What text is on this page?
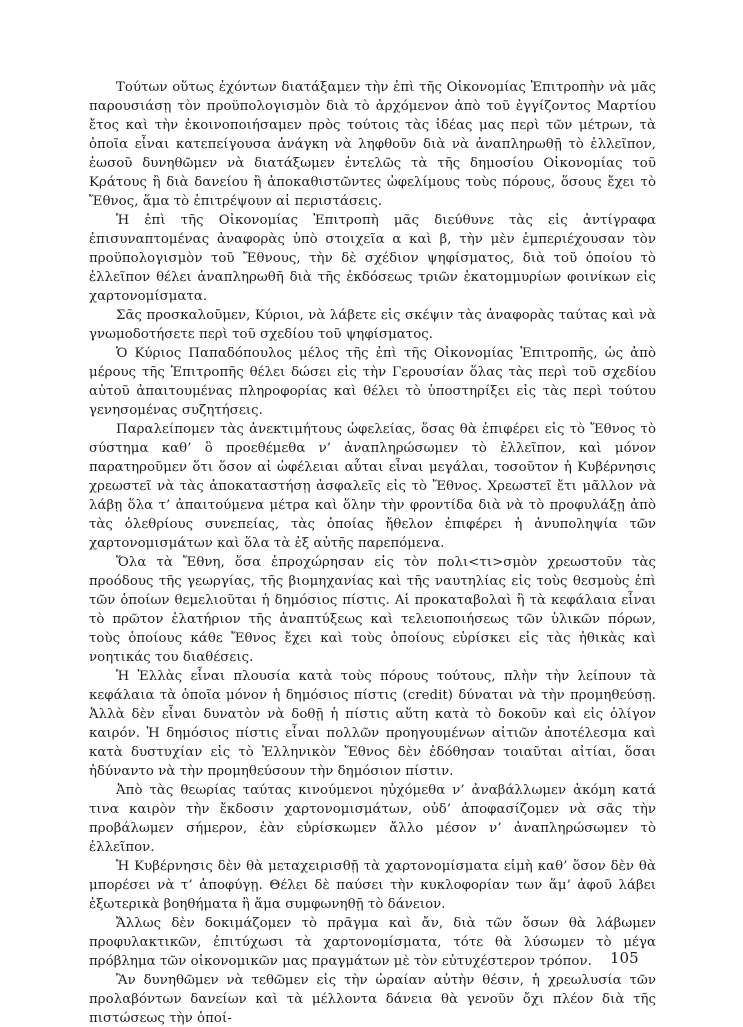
Τούτων οὕτως ἐχόντων διατάξαμεν τὴν ἐπὶ τῆς Οἰκονομίας Ἐπιτροπὴν νὰ μᾶς παρουσιάσῃ τὸν προϋπολογισμὸν διὰ τὸ ἀρχόμενον ἀπὸ τοῦ ἐγγίζοντος Μαρτίου ἔτος καὶ τὴν ἐκοινοποιήσαμεν πρὸς τούτοις τὰς ἰδέας μας περὶ τῶν μέτρων, τὰ ὁποῖα εἶναι κατεπείγουσα ἀνάγκη νὰ ληφθοῦν διὰ νὰ ἀναπληρωθῇ τὸ ἐλλεῖπον, ἑωσοῦ δυνηθῶμεν νὰ διατάξωμεν ἐντελῶς τὰ τῆς δημοσίου Οἰκονομίας τοῦ Κράτους ἢ διὰ δανείου ἢ ἀποκαθιστῶντες ὠφελίμους τοὺς πόρους, ὅσους ἔχει τὸ Ἔθνος, ἅμα τὸ ἐπιτρέψουν αἱ περιστάσεις.

Ἡ ἐπὶ τῆς Οἰκονομίας Ἐπιτροπὴ μᾶς διεύθυνε τὰς εἰς ἀντίγραφα ἐπισυναπτομένας ἀναφορὰς ὑπὸ στοιχεῖα α καὶ β, τὴν μὲν ἐμπεριέχουσαν τὸν προϋπολογισμὸν τοῦ Ἔθνους, τὴν δὲ σχέδιον ψηφίσματος, διὰ τοῦ ὁποίου τὸ ἐλλεῖπον θέλει ἀναπληρωθῆ διὰ τῆς ἐκδόσεως τριῶν ἑκατομμυρίων φοινίκων εἰς χαρτονομίσματα.

Σᾶς προσκαλοῦμεν, Κύριοι, νὰ λάβετε εἰς σκέψιν τὰς ἀναφορὰς ταύτας καὶ νὰ γνωμοδοτήσετε περὶ τοῦ σχεδίου τοῦ ψηφίσματος.

Ὁ Κύριος Παπαδόπουλος μέλος τῆς ἐπὶ τῆς Οἰκονομίας Ἐπιτροπῆς, ὡς ἀπὸ μέρους τῆς Ἐπιτροπῆς θέλει δώσει εἰς τὴν Γερουσίαν ὅλας τὰς περὶ τοῦ σχεδίου αὐτοῦ ἀπαιτουμένας πληροφορίας καὶ θέλει τὸ ὑποστηρίξει εἰς τὰς περὶ τούτου γενησομένας συζητήσεις.

Παραλείπομεν τὰς ἀνεκτιμήτους ὠφελείας, ὅσας θὰ ἐπιφέρει εἰς τὸ Ἔθνος τὸ σύστημα καθ’ ὃ προεθέμεθα ν’ ἀναπληρώσωμεν τὸ ἐλλεῖπον, καὶ μόνον παρατηροῦμεν ὅτι ὅσον αἱ ὠφέλειαι αὗται εἶναι μεγάλαι, τοσοῦτον ἡ Κυβέρνησις χρεωστεῖ νὰ τὰς ἀποκαταστήσῃ ἀσφαλεῖς εἰς τὸ Ἔθνος. Χρεωστεῖ ἔτι μᾶλλον νὰ λάβῃ ὅλα τ’ ἀπαιτούμενα μέτρα καὶ ὅλην τὴν φροντίδα διὰ νὰ τὸ προφυλάξῃ ἀπὸ τὰς ὀλεθρίους συνεπείας, τὰς ὁποίας ἤθελον ἐπιφέρει ἡ ἀνυποληψία τῶν χαρτονομισμάτων καὶ ὅλα τὰ ἐξ αὐτῆς παρεπόμενα.

Ὅλα τὰ Ἔθνη, ὅσα ἐπροχώρησαν εἰς τὸν πολι<τι>σμὸν χρεωστοῦν τὰς προόδους τῆς γεωργίας, τῆς βιομηχανίας καὶ τῆς ναυτηλίας εἰς τοὺς θεσμοὺς ἐπὶ τῶν ὁποίων θεμελιοῦται ἡ δημόσιος πίστις. Αἱ προκαταβολαὶ ἢ τὰ κεφάλαια εἶναι τὸ πρῶτον ἐλατήριον τῆς ἀναπτύξεως καὶ τελειοποιήσεως τῶν ὑλικῶν πόρων, τοὺς ὁποίους κάθε Ἔθνος ἔχει καὶ τοὺς ὁποίους εὑρίσκει εἰς τὰς ἠθικὰς καὶ νοητικάς του διαθέσεις.

Ἡ Ἑλλὰς εἶναι πλουσία κατὰ τοὺς πόρους τούτους, πλὴν τὴν λείπουν τὰ κεφάλαια τὰ ὁποῖα μόνον ἡ δημόσιος πίστις (credit) δύναται νὰ τὴν προμηθεύσῃ. Ἀλλὰ δὲν εἶναι δυνατὸν νὰ δοθῇ ἡ πίστις αὕτη κατὰ τὸ δοκοῦν καὶ εἰς ὀλίγον καιρόν. Ἡ δημόσιος πίστις εἶναι πολλῶν προηγουμένων αἰτιῶν ἀποτέλεσμα καὶ κατὰ δυστυχίαν εἰς τὸ Ἑλληνικὸν Ἔθνος δὲν ἐδόθησαν τοιαῦται αἰτίαι, ὅσαι ἠδύναντο νὰ τὴν προμηθεύσουν τὴν δημόσιον πίστιν.

Ἀπὸ τὰς θεωρίας ταύτας κινούμενοι ηὐχόμεθα ν’ ἀναβάλλωμεν ἀκόμη κατά τινα καιρὸν τὴν ἔκδοσιν χαρτονομισμάτων, οὐδ’ ἀποφασίζομεν νὰ σᾶς τὴν προβάλωμεν σήμερον, ἐὰν εὑρίσκωμεν ἄλλο μέσον ν’ ἀναπληρώσωμεν τὸ ἐλλεῖπον.

Ἡ Κυβέρνησις δὲν θὰ μεταχειρισθῇ τὰ χαρτονομίσματα εἰμὴ καθ’ ὅσον δὲν θὰ μπορέσει νὰ τ’ ἀποφύγῃ. Θέλει δὲ παύσει τὴν κυκλοφορίαν των ἅμ’ ἀφοῦ λάβει ἐξωτερικὰ βοηθήματα ἢ ἅμα συμφωνηθῇ τὸ δάνειον.

Ἄλλως δὲν δοκιμάζομεν τὸ πρᾶγμα καὶ ἄν, διὰ τῶν ὅσων θὰ λάβωμεν προφυλακτικῶν, ἐπιτύχωσι τὰ χαρτονομίσματα, τότε θὰ λύσωμεν τὸ μέγα πρόβλημα τῶν οἰκονομικῶν μας πραγμάτων μὲ τὸν εὐτυχέστερον τρόπον.

Ἂν δυνηθῶμεν νὰ τεθῶμεν εἰς τὴν ὡραίαν αὐτὴν θέσιν, ἡ χρεωλυσία τῶν προλαβόντων δανείων καὶ τὰ μέλλοντα δάνεια θὰ γενοῦν ὄχι πλέον διὰ τῆς πιστώσεως τὴν ὁποί-

105
